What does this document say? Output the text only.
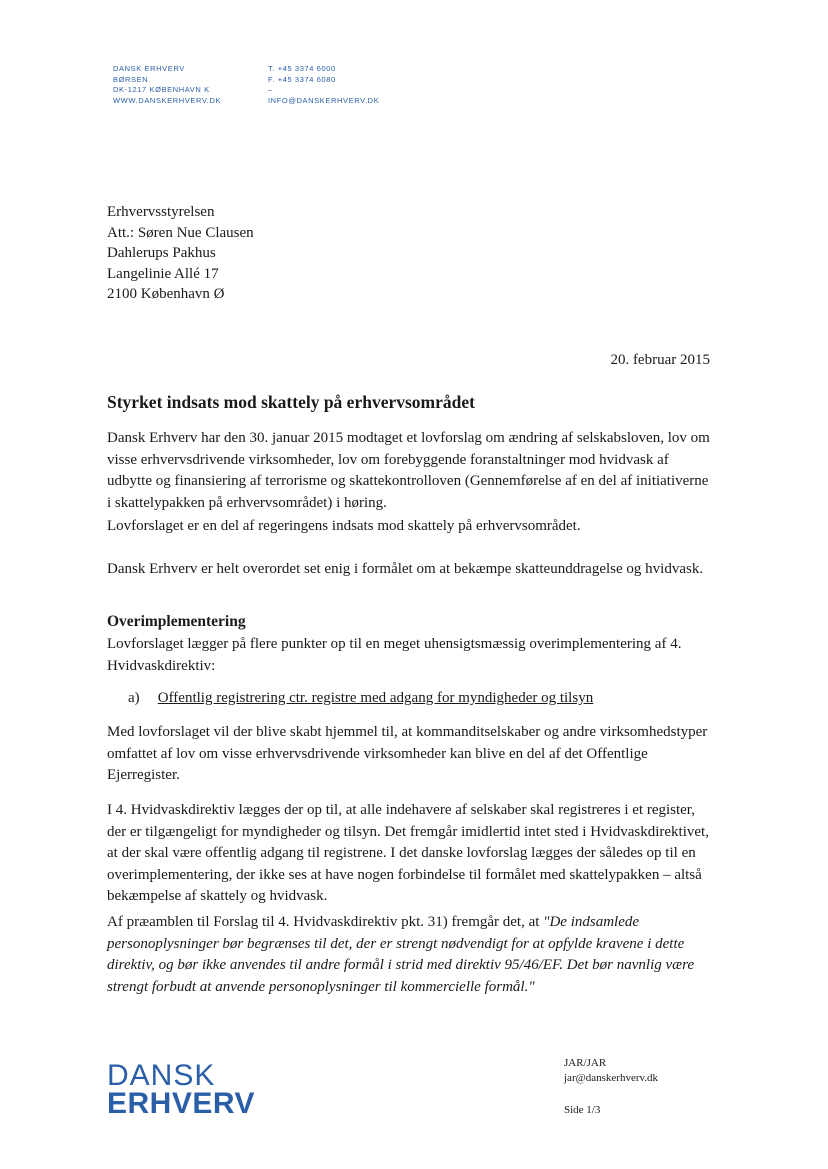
DANSK ERHVERV
BØRSEN
DK-1217 KØBENHAVN K
WWW.DANSKERHVERV.DK
T. +45 3374 6000
F. +45 3374 6080
–
INFO@DANSKERHVERV.DK
Erhvervsstyrelsen
Att.: Søren Nue Clausen
Dahlerups Pakhus
Langelinie Allé 17
2100 København Ø
20. februar 2015
Styrket indsats mod skattely på erhvervsområdet

Dansk Erhverv har den 30. januar 2015 modtaget et lovforslag om ændring af selskabsloven, lov om visse erhvervsdrivende virksomheder, lov om forebyggende foranstaltninger mod hvidvask af udbytte og finansiering af terrorisme og skattekontrolloven (Gennemførelse af en del af initiativerne i skattelypakken på erhvervsområdet) i høring.

Lovforslaget er en del af regeringens indsats mod skattely på erhvervsområdet.

Dansk Erhverv er helt overordet set enig i formålet om at bekæmpe skatteunddragelse og hvidvask.

Overimplementering

Lovforslaget lægger på flere punkter op til en meget uhensigtsmæssig overimplementering af 4. Hvidvaskdirektiv:

a) Offentlig registrering ctr. registre med adgang for myndigheder og tilsyn

Med lovforslaget vil der blive skabt hjemmel til, at kommanditselskaber og andre virksomhedstyper omfattet af lov om visse erhvervsdrivende virksomheder kan blive en del af det Offentlige Ejerregister.

I 4. Hvidvaskdirektiv lægges der op til, at alle indehavere af selskaber skal registreres i et register, der er tilgængeligt for myndigheder og tilsyn. Det fremgår imidlertid intet sted i Hvidvaskdirektivet, at der skal være offentlig adgang til registrene. I det danske lovforslag lægges der således op til en overimplementering, der ikke ses at have nogen forbindelse til formålet med skattelypakken – altså bekæmpelse af skattely og hvidvask.

Af præamblen til Forslag til 4. Hvidvaskdirektiv pkt. 31) fremgår det, at "De indsamlede personoplysninger bør begrænses til det, der er strengt nødvendigt for at opfylde kravene i dette direktiv, og bør ikke anvendes til andre formål i strid med direktiv 95/46/EF. Det bør navnlig være strengt forbudt at anvende personoplysninger til kommercielle formål."

DANSK
ERHVERV
JAR/JAR
jar@danskerhverv.dk
Side 1/3
